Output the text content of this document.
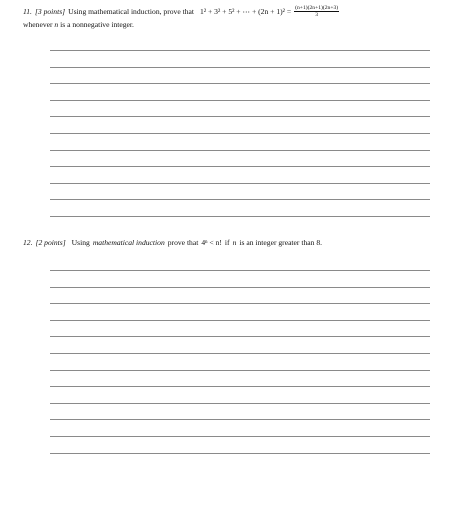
11. [3 points] Using mathematical induction, prove that 1² + 3² + 5² + ⋯ + $(2n + 1)^2 = \frac{(n+1)(2n+1)(2n+3)}{3}$
whenever n is a nonnegative integer.
12. [2 points] Using mathematical induction prove that 4ⁿ < n! if n is an integer greater than 8.
